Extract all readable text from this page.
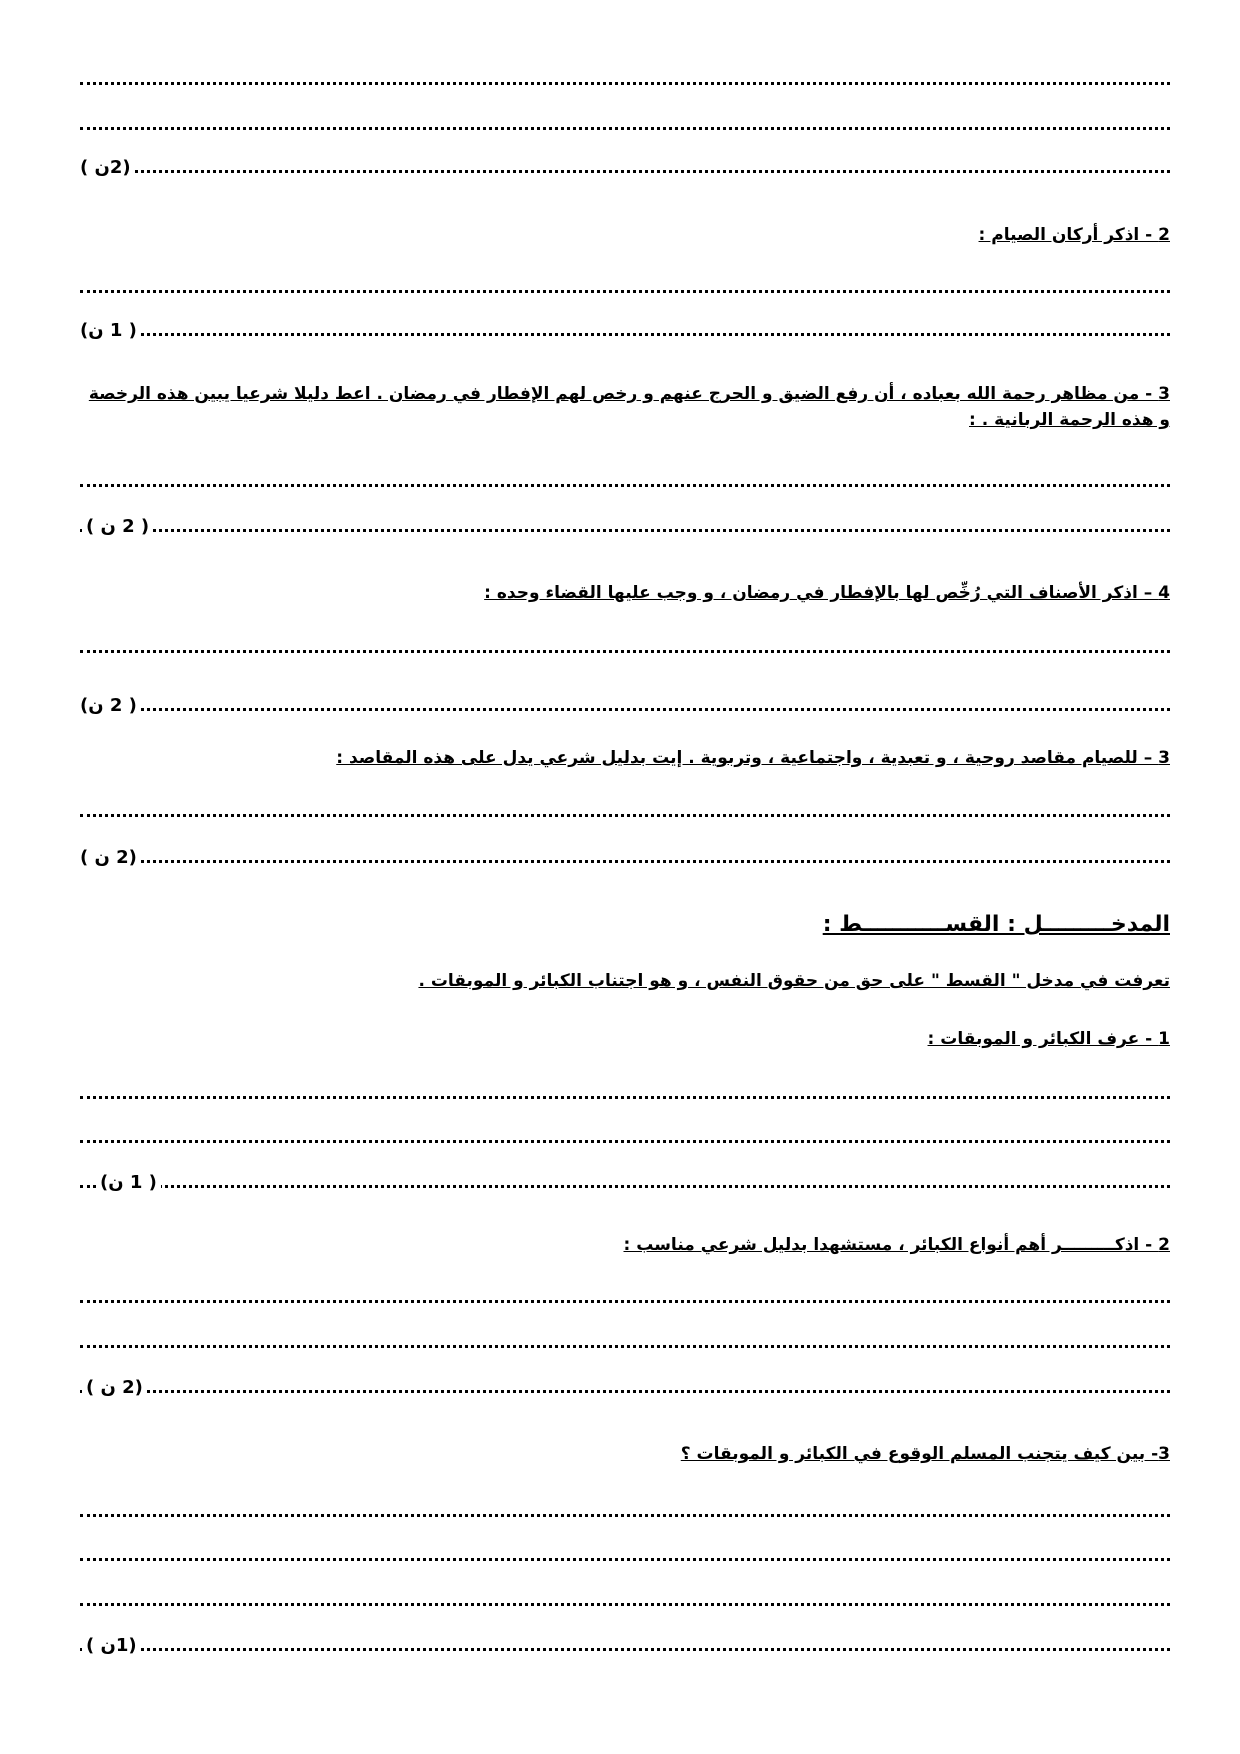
(2ن )
2 - اذكر أركان الصيام :
( 1 ن)
3 - من مظاهر رحمة الله بعباده ، أن رفع الضيق و الحرج عنهم و رخص لهم الإفطار في رمضان . اعط دليلا شرعيا يبين هذه الرخصة و هذه الرحمة الربانية . :
( 2 ن )
4 – اذكر الأصناف التي رُخِّص لها بالإفطار في رمضان ، و وجب عليها القضاء وحده :
( 2 ن)
3 – للصيام مقاصد روحية ، و تعبدية ، واجتماعية ، وتربوية . إيت بدليل شرعي يدل على هذه المقاصد :
(2 ن )
المدخـــــــــل : القســـــــــــط :
تعرفت في مدخل " القسط " على حق من حقوق النفس ، و هو اجتناب الكبائر و الموبقات .
1 - عرف الكبائر و الموبقات :
( 1 ن)
2 - اذكـــــــــر أهم أنواع الكبائر ، مستشهدا بدليل شرعي مناسب :
(2 ن )
3- بين كيف يتجنب المسلم الوقوع في الكبائر و الموبقات ؟
(1ن )
